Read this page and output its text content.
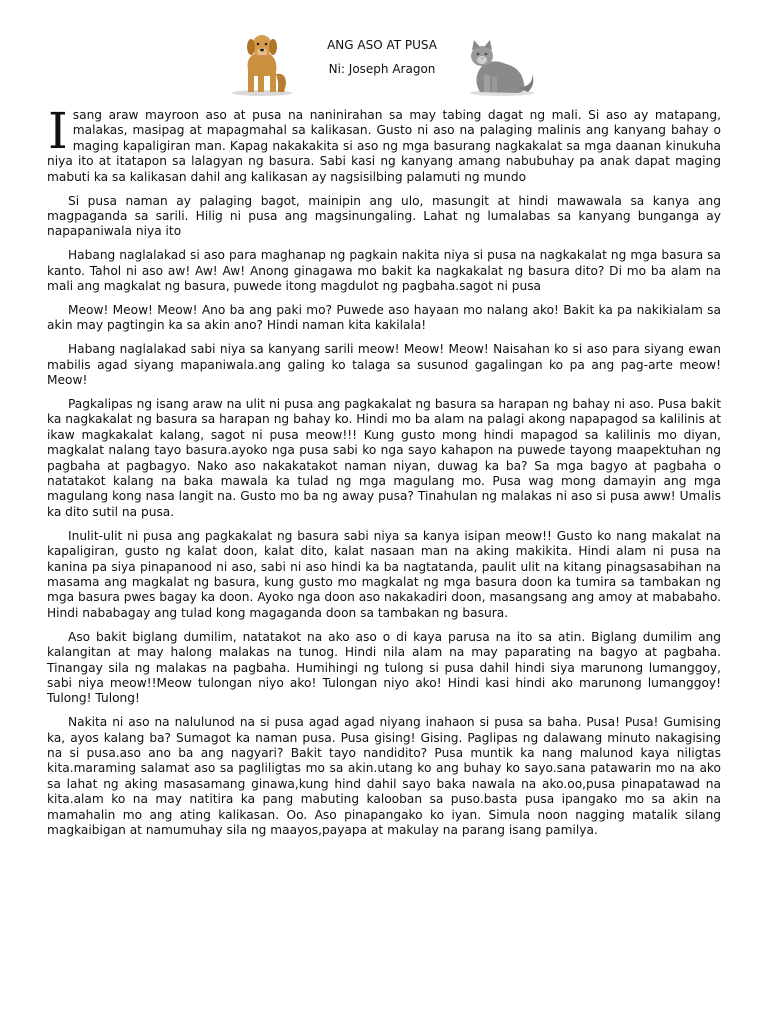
ANG ASO AT PUSA
Ni: Joseph Aragon

Isang araw mayroon aso at pusa na naninirahan sa may tabing dagat ng mali. Si aso ay matapang, malakas, masipag at mapagmahal sa kalikasan. Gusto ni aso na palaging malinis ang kanyang bahay o maging kapaligiran man. Kapag nakakakita si aso ng mga basurang nagkakalat sa mga daanan kinukuha niya ito at itatapon sa lalagyan ng basura. Sabi kasi ng kanyang amang nabubuhay pa anak dapat maging mabuti ka sa kalikasan dahil ang kalikasan ay nagsisilbing palamuti ng mundo

Si pusa naman ay palaging bagot, mainipin ang ulo, masungit at hindi mawawala sa kanya ang magpaganda sa sarili. Hilig ni pusa ang magsinungaling. Lahat ng lumalabas sa kanyang bunganga ay napapaniwala niya ito

Habang naglalakad si aso para maghanap ng pagkain nakita niya si pusa na nagkakalat ng mga basura sa kanto. Tahol ni aso aw! Aw! Aw! Anong ginagawa mo bakit ka nagkakalat ng basura dito? Di mo ba alam na mali ang magkalat ng basura, puwede itong magdulot ng pagbaha.sagot ni pusa

Meow! Meow! Meow! Ano ba ang paki mo? Puwede aso hayaan mo nalang ako! Bakit ka pa nakikialam sa akin may pagtingin ka sa akin ano? Hindi naman kita kakilala!

Habang naglalakad sabi niya sa kanyang sarili meow! Meow! Meow! Naisahan ko si aso para siyang ewan mabilis agad siyang mapaniwala.ang galing ko talaga sa susunod gagalingan ko pa ang pag-arte meow! Meow!

Pagkalipas ng isang araw na ulit ni pusa ang pagkakalat ng basura sa harapan ng bahay ni aso. Pusa bakit ka nagkakalat ng basura sa harapan ng bahay ko. Hindi mo ba alam na palagi akong napapagod sa kalilinis at ikaw magkakalat kalang, sagot ni pusa meow!!! Kung gusto mong hindi mapagod sa kalilinis mo diyan, magkalat nalang tayo basura.ayoko nga pusa sabi ko nga sayo kahapon na puwede tayong maapektuhan ng pagbaha at pagbagyo. Nako aso nakakatakot naman niyan, duwag ka ba? Sa mga bagyo at pagbaha o natatakot kalang na baka mawala ka tulad ng mga magulang mo. Pusa wag mong damayin ang mga magulang kong nasa langit na. Gusto mo ba ng away pusa? Tinahulan ng malakas ni aso si pusa aww! Umalis ka dito sutil na pusa.

Inulit-ulit ni pusa ang pagkakalat ng basura sabi niya sa kanya isipan meow!! Gusto ko nang makalat na kapaligiran, gusto ng kalat doon, kalat dito, kalat nasaan man na aking makikita. Hindi alam ni pusa na kanina pa siya pinapanood ni aso, sabi ni aso hindi ka ba nagtatanda, paulit ulit na kitang pinagsasabihan na masama ang magkalat ng basura, kung gusto mo magkalat ng mga basura doon ka tumira sa tambakan ng mga basura pwes bagay ka doon. Ayoko nga doon aso nakakadiri doon, masangsang ang amoy at mababaho. Hindi nababagay ang tulad kong magaganda doon sa tambakan ng basura.

Aso bakit biglang dumilim, natatakot na ako aso o di kaya parusa na ito sa atin. Biglang dumilim ang kalangitan at may halong malakas na tunog. Hindi nila alam na may paparating na bagyo at pagbaha. Tinangay sila ng malakas na pagbaha. Humihingi ng tulong si pusa dahil hindi siya marunong lumanggoy, sabi niya meow!!Meow tulongan niyo ako! Tulongan niyo ako! Hindi kasi hindi ako marunong lumanggoy! Tulong! Tulong!

Nakita ni aso na nalulunod na si pusa agad agad niyang inahaon si pusa sa baha. Pusa! Pusa! Gumising ka, ayos kalang ba? Sumagot ka naman pusa. Pusa gising! Gising. Paglipas ng dalawang minuto nakagising na si pusa.aso ano ba ang nagyari? Bakit tayo nandidito? Pusa muntik ka nang malunod kaya niligtas kita.maraming salamat aso sa pagliligtas mo sa akin.utang ko ang buhay ko sayo.sana patawarin mo na ako sa lahat ng aking masasamang ginawa,kung hind dahil sayo baka nawala na ako.oo,pusa pinapatawad na kita.alam ko na may natitira ka pang mabuting kalooban sa puso.basta pusa ipangako mo sa akin na mamahalin mo ang ating kalikasan. Oo. Aso pinapangako ko iyan. Simula noon nagging matalik silang magkaibigan at namumuhay sila ng maayos,payapa at makulay na parang isang pamilya.
